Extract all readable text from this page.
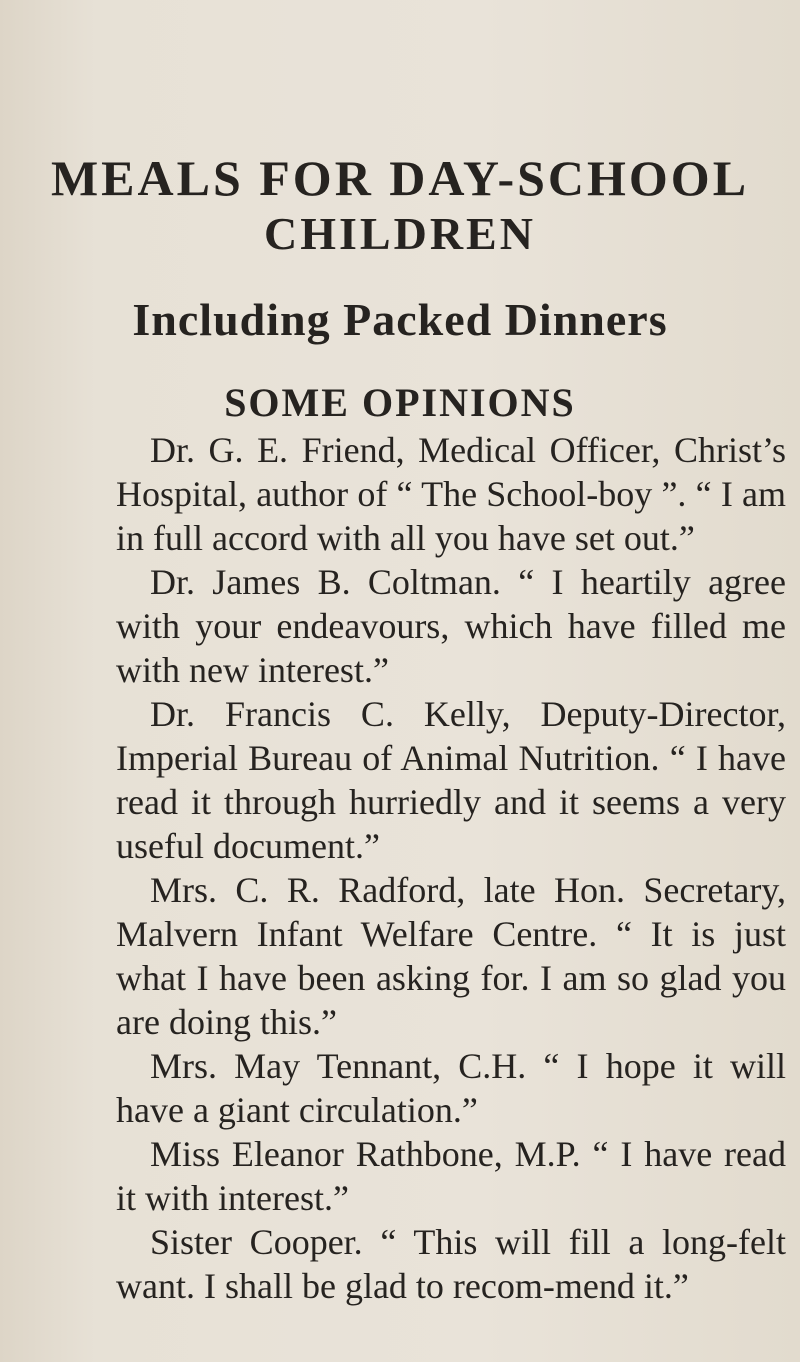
MEALS FOR DAY-SCHOOL
CHILDREN
Including Packed Dinners
SOME OPINIONS

Dr. G. E. Friend, Medical Officer, Christ’s Hospital, author of “ The School-boy ”. “ I am in full accord with all you have set out.”

Dr. James B. Coltman. “ I heartily agree with your endeavours, which have filled me with new interest.”

Dr. Francis C. Kelly, Deputy-Director, Imperial Bureau of Animal Nutrition. “ I have read it through hurriedly and it seems a very useful document.”

Mrs. C. R. Radford, late Hon. Secretary, Malvern Infant Welfare Centre. “ It is just what I have been asking for. I am so glad you are doing this.”

Mrs. May Tennant, C.H. “ I hope it will have a giant circulation.”

Miss Eleanor Rathbone, M.P. “ I have read it with interest.”

Sister Cooper. “ This will fill a long-felt want. I shall be glad to recom-mend it.”
